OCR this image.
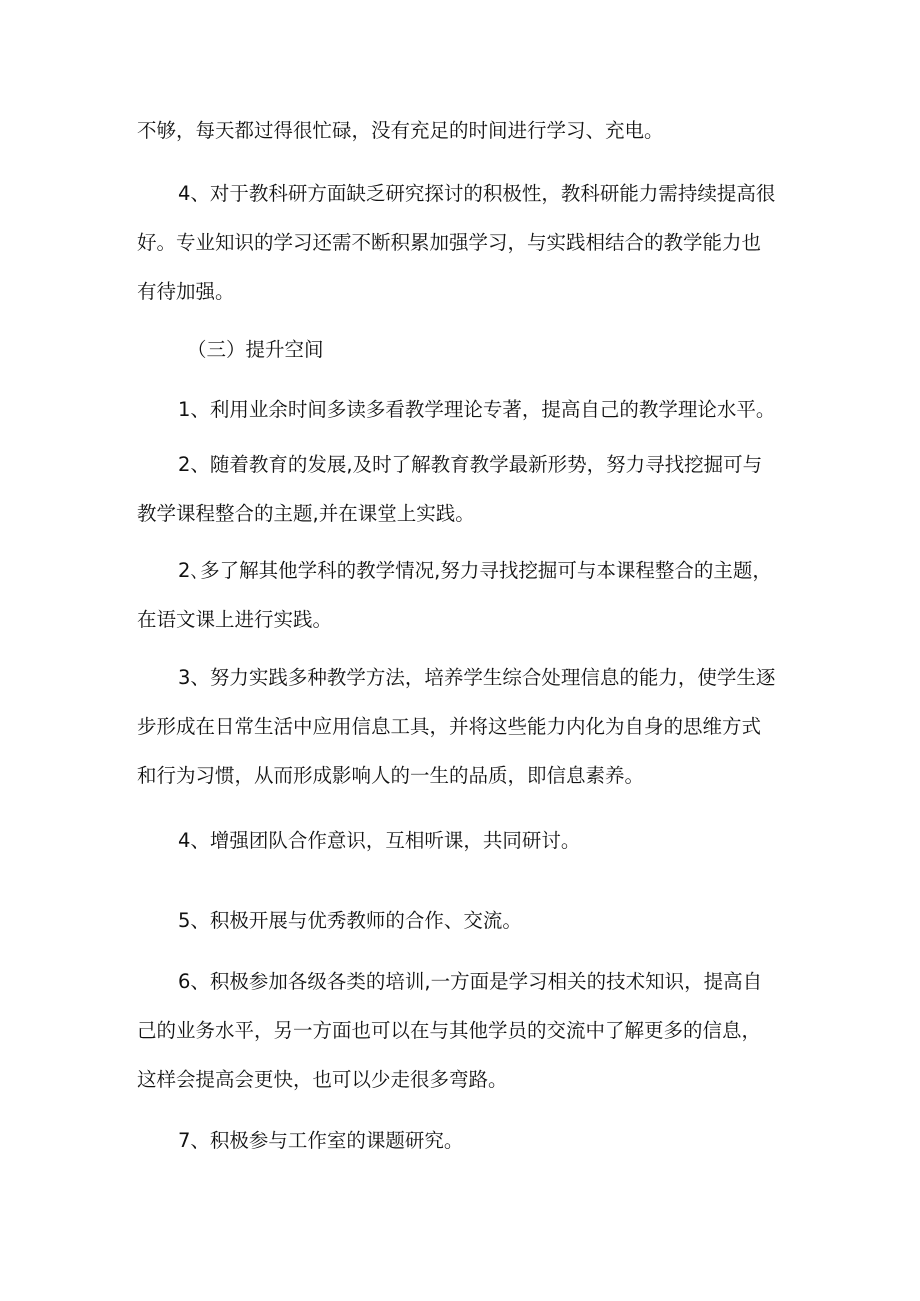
不够，每天都过得很忙碌，没有充足的时间进行学习、充电。
4、对于教科研方面缺乏研究探讨的积极性，教科研能力需持续提高很
好。专业知识的学习还需不断积累加强学习，与实践相结合的教学能力也
有待加强。
（三）提升空间
1、利用业余时间多读多看教学理论专著，提高自己的教学理论水平。
2、随着教育的发展,及时了解教育教学最新形势，努力寻找挖掘可与
教学课程整合的主题,并在课堂上实践。
2､多了解其他学科的教学情况,努力寻找挖掘可与本课程整合的主题，
在语文课上进行实践。
3、努力实践多种教学方法，培养学生综合处理信息的能力，使学生逐
步形成在日常生活中应用信息工具，并将这些能力内化为自身的思维方式
和行为习惯，从而形成影响人的一生的品质，即信息素养。
4、增强团队合作意识，互相听课，共同研讨。
5、积极开展与优秀教师的合作、交流。
6、积极参加各级各类的培训,一方面是学习相关的技术知识，提高自
己的业务水平，另一方面也可以在与其他学员的交流中了解更多的信息，
这样会提高会更快，也可以少走很多弯路。
7、积极参与工作室的课题研究。
